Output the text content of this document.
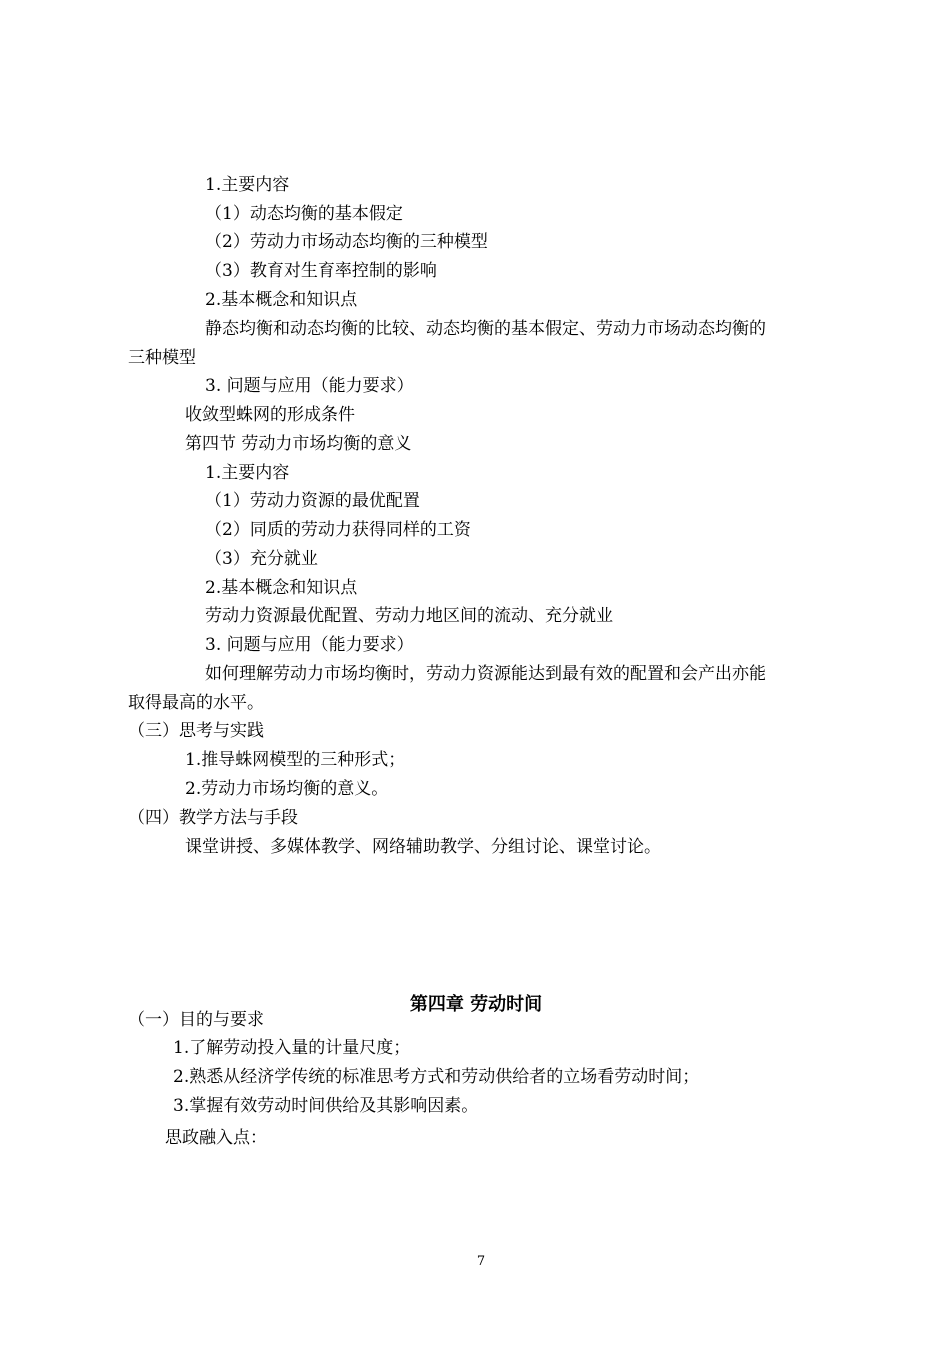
1.主要内容

（1）动态均衡的基本假定

（2）劳动力市场动态均衡的三种模型

（3）教育对生育率控制的影响

2.基本概念和知识点

静态均衡和动态均衡的比较、动态均衡的基本假定、劳动力市场动态均衡的

三种模型

3. 问题与应用（能力要求）

收敛型蛛网的形成条件

第四节 劳动力市场均衡的意义

1.主要内容

（1）劳动力资源的最优配置

（2）同质的劳动力获得同样的工资

（3）充分就业

2.基本概念和知识点

劳动力资源最优配置、劳动力地区间的流动、充分就业

3. 问题与应用（能力要求）

如何理解劳动力市场均衡时，劳动力资源能达到最有效的配置和会产出亦能

取得最高的水平。

（三）思考与实践

1.推导蛛网模型的三种形式；

2.劳动力市场均衡的意义。

（四）教学方法与手段

课堂讲授、多媒体教学、网络辅助教学、分组讨论、课堂讨论。

第四章 劳动时间

（一）目的与要求

1.了解劳动投入量的计量尺度；

2.熟悉从经济学传统的标准思考方式和劳动供给者的立场看劳动时间；

3.掌握有效劳动时间供给及其影响因素。

思政融入点：

7
